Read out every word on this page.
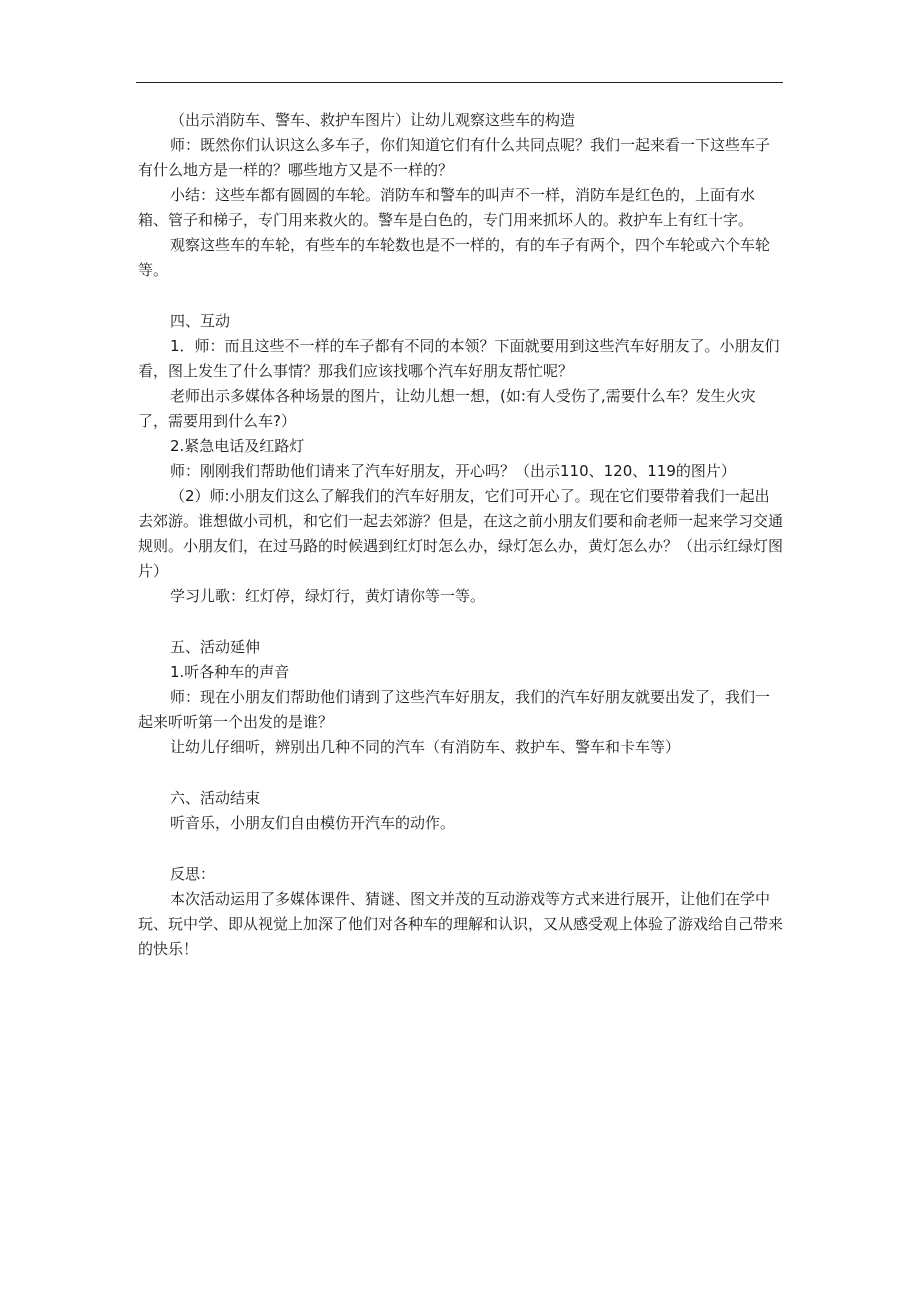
（出示消防车、警车、救护车图片）让幼儿观察这些车的构造

师：既然你们认识这么多车子，你们知道它们有什么共同点呢？我们一起来看一下这些车子有什么地方是一样的？哪些地方又是不一样的？

小结：这些车都有圆圆的车轮。消防车和警车的叫声不一样，消防车是红色的，上面有水箱、管子和梯子，专门用来救火的。警车是白色的，专门用来抓坏人的。救护车上有红十字。

观察这些车的车轮，有些车的车轮数也是不一样的，有的车子有两个，四个车轮或六个车轮等。

四、互动

1．师：而且这些不一样的车子都有不同的本领？下面就要用到这些汽车好朋友了。小朋友们看，图上发生了什么事情？那我们应该找哪个汽车好朋友帮忙呢？

老师出示多媒体各种场景的图片，让幼儿想一想，(如:有人受伤了,需要什么车？发生火灾了，需要用到什么车?）

2.紧急电话及红路灯

师：刚刚我们帮助他们请来了汽车好朋友，开心吗？（出示110、120、119的图片）

（2）师:小朋友们这么了解我们的汽车好朋友，它们可开心了。现在它们要带着我们一起出去郊游。谁想做小司机，和它们一起去郊游？但是，在这之前小朋友们要和俞老师一起来学习交通规则。小朋友们，在过马路的时候遇到红灯时怎么办，绿灯怎么办，黄灯怎么办？（出示红绿灯图片）

学习儿歌：红灯停，绿灯行，黄灯请你等一等。

五、活动延伸

1.听各种车的声音

师：现在小朋友们帮助他们请到了这些汽车好朋友，我们的汽车好朋友就要出发了，我们一起来听听第一个出发的是谁？

让幼儿仔细听，辨别出几种不同的汽车（有消防车、救护车、警车和卡车等）

六、活动结束

听音乐，小朋友们自由模仿开汽车的动作。

反思：

本次活动运用了多媒体课件、猜谜、图文并茂的互动游戏等方式来进行展开，让他们在学中玩、玩中学、即从视觉上加深了他们对各种车的理解和认识，又从感受观上体验了游戏给自己带来的快乐！
